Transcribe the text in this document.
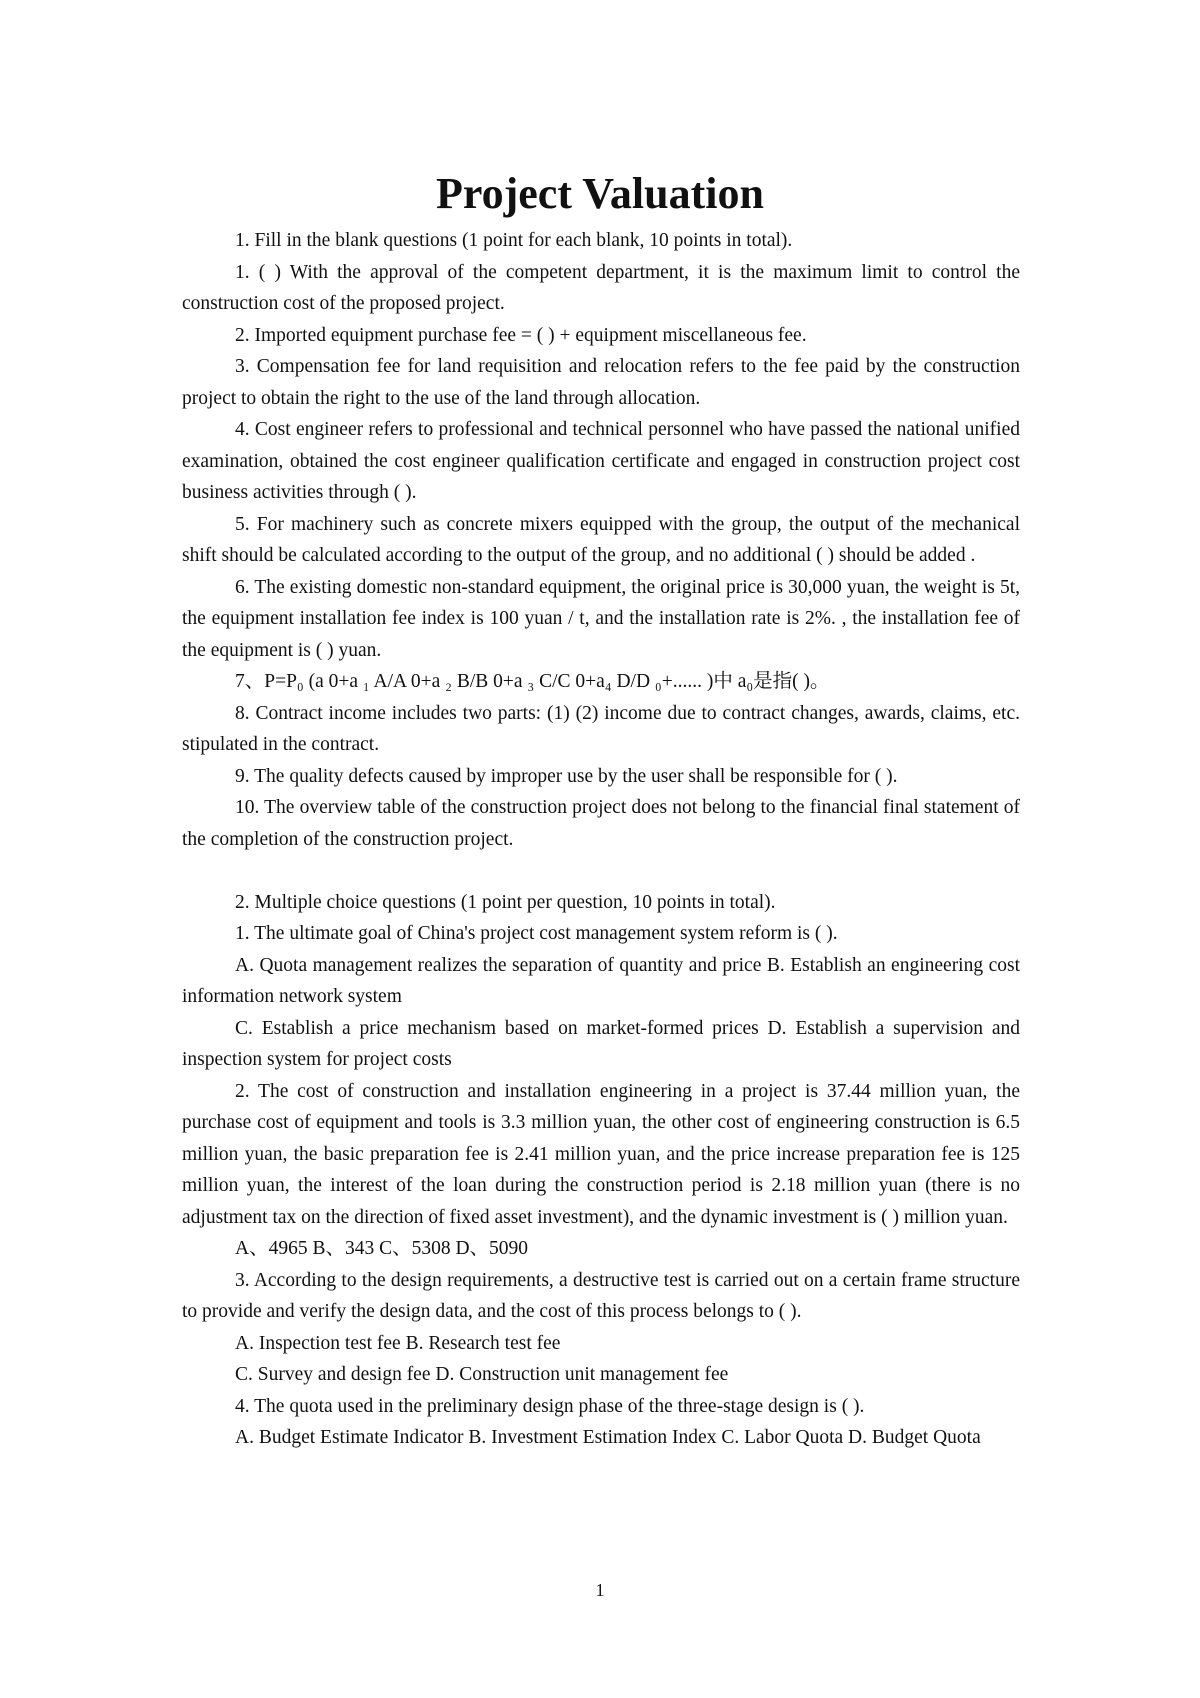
Project Valuation

1. Fill in the blank questions (1 point for each blank, 10 points in total).

1. ( ) With the approval of the competent department, it is the maximum limit to control the construction cost of the proposed project.

2. Imported equipment purchase fee = ( ) + equipment miscellaneous fee.

3. Compensation fee for land requisition and relocation refers to the fee paid by the construction project to obtain the right to the use of the land through allocation.

4. Cost engineer refers to professional and technical personnel who have passed the national unified examination, obtained the cost engineer qualification certificate and engaged in construction project cost business activities through ( ).

5. For machinery such as concrete mixers equipped with the group, the output of the mechanical shift should be calculated according to the output of the group, and no additional ( ) should be added .

6. The existing domestic non-standard equipment, the original price is 30,000 yuan, the weight is 5t, the equipment installation fee index is 100 yuan / t, and the installation rate is 2%. , the installation fee of the equipment is ( ) yuan.

7、P=P₀ (a 0+a ₁ A/A 0+a ₂ B/B 0+a ₃ C/C 0+a₄ D/D ₀+...... )中 a₀是指( )。

8. Contract income includes two parts: (1) (2) income due to contract changes, awards, claims, etc. stipulated in the contract.

9. The quality defects caused by improper use by the user shall be responsible for ( ).

10. The overview table of the construction project does not belong to the financial final statement of the completion of the construction project.

2. Multiple choice questions (1 point per question, 10 points in total).

1. The ultimate goal of China's project cost management system reform is ( ).

A. Quota management realizes the separation of quantity and price B. Establish an engineering cost information network system

C. Establish a price mechanism based on market-formed prices D. Establish a supervision and inspection system for project costs

2. The cost of construction and installation engineering in a project is 37.44 million yuan, the purchase cost of equipment and tools is 3.3 million yuan, the other cost of engineering construction is 6.5 million yuan, the basic preparation fee is 2.41 million yuan, and the price increase preparation fee is 125 million yuan, the interest of the loan during the construction period is 2.18 million yuan (there is no adjustment tax on the direction of fixed asset investment), and the dynamic investment is ( ) million yuan.

A、4965 B、343 C、5308 D、5090

3. According to the design requirements, a destructive test is carried out on a certain frame structure to provide and verify the design data, and the cost of this process belongs to ( ).

A. Inspection test fee B. Research test fee

C. Survey and design fee D. Construction unit management fee

4. The quota used in the preliminary design phase of the three-stage design is ( ).

A. Budget Estimate Indicator B. Investment Estimation Index C. Labor Quota D. Budget Quota

1
